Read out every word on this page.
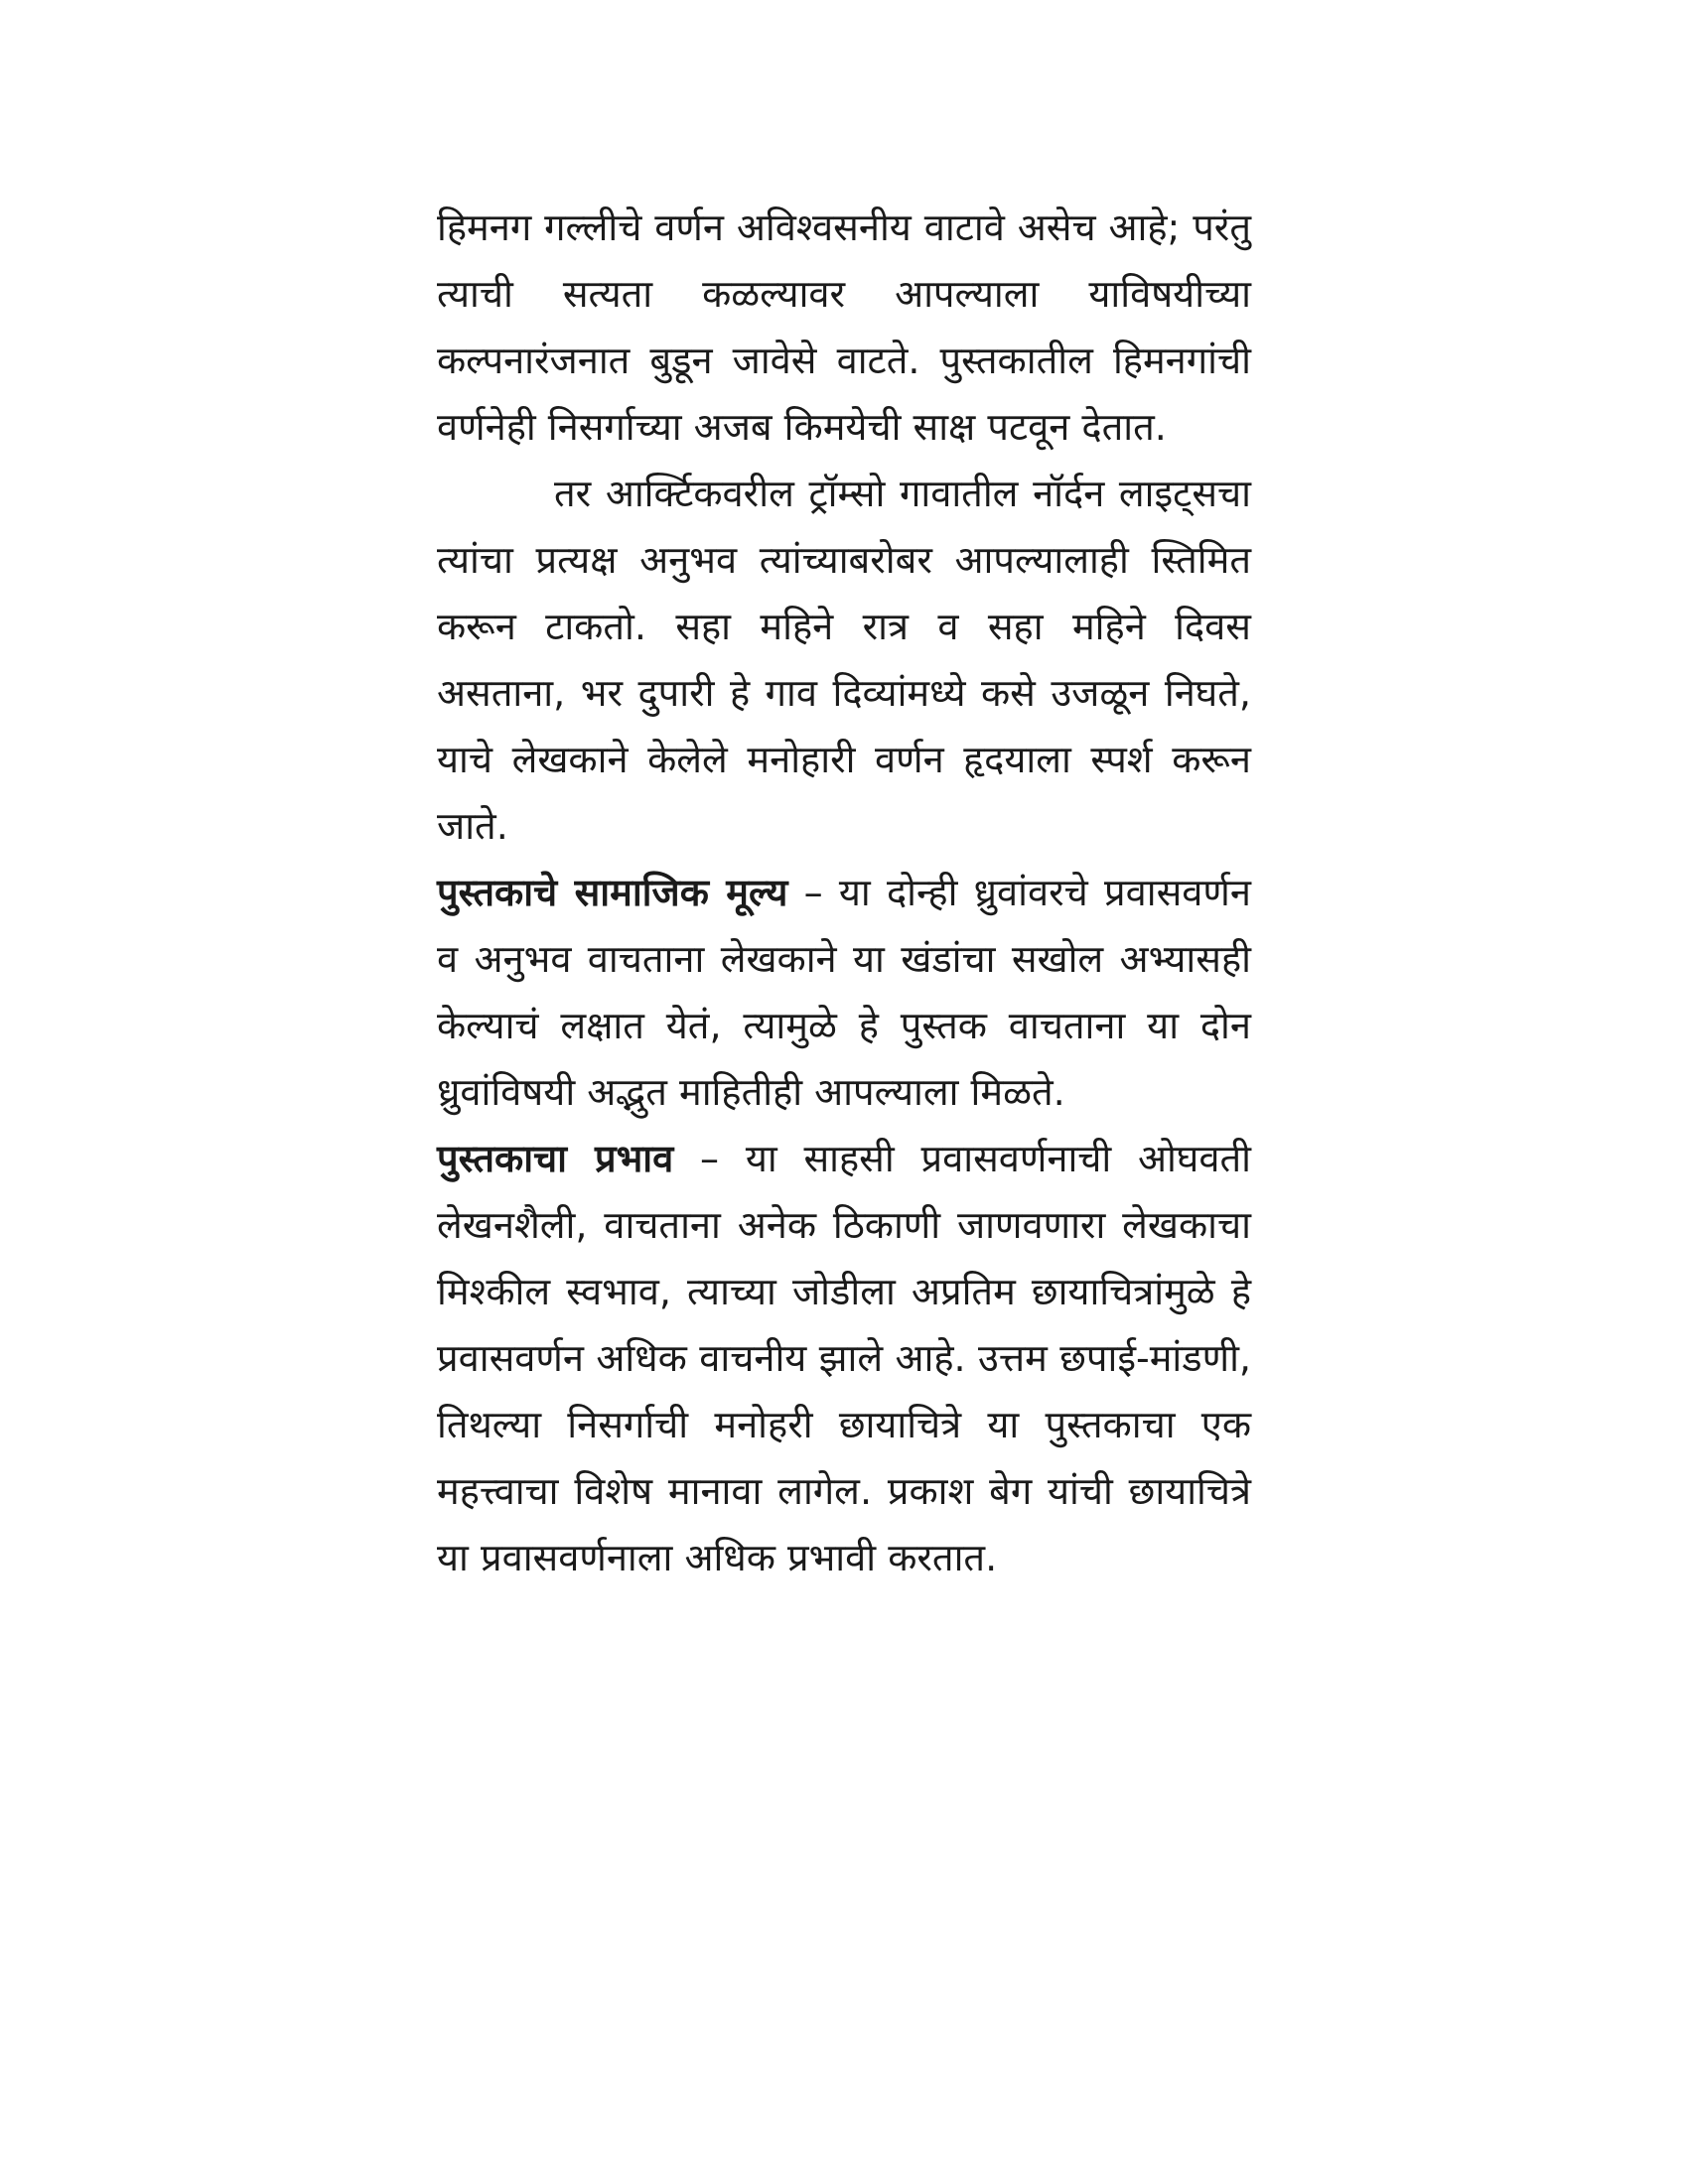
हिमनग गल्लीचे वर्णन अविश्वसनीय वाटावे असेच आहे; परंतु त्याची सत्यता कळल्यावर आपल्याला याविषयीच्या कल्पनारंजनात बुडून जावेसे वाटते. पुस्तकातील हिमनगांची वर्णनेही निसर्गाच्या अजब किमयेची साक्ष पटवून देतात.

तर आर्क्टिकवरील ट्रॉम्सो गावातील नॉर्दन लाइट्सचा त्यांचा प्रत्यक्ष अनुभव त्यांच्याबरोबर आपल्यालाही स्तिमित करून टाकतो. सहा महिने रात्र व सहा महिने दिवस असताना, भर दुपारी हे गाव दिव्यांमध्ये कसे उजळून निघते, याचे लेखकाने केलेले मनोहारी वर्णन हृदयाला स्पर्श करून जाते.

पुस्तकाचे सामाजिक मूल्य – या दोन्ही ध्रुवांवरचे प्रवासवर्णन व अनुभव वाचताना लेखकाने या खंडांचा सखोल अभ्यासही केल्याचं लक्षात येतं, त्यामुळे हे पुस्तक वाचताना या दोन ध्रुवांविषयी अद्भुत माहितीही आपल्याला मिळते.

पुस्तकाचा प्रभाव – या साहसी प्रवासवर्णनाची ओघवती लेखनशैली, वाचताना अनेक ठिकाणी जाणवणारा लेखकाचा मिश्कील स्वभाव, त्याच्या जोडीला अप्रतिम छायाचित्रांमुळे हे प्रवासवर्णन अधिक वाचनीय झाले आहे. उत्तम छपाई-मांडणी, तिथल्या निसर्गाची मनोहरी छायाचित्रे या पुस्तकाचा एक महत्त्वाचा विशेष मानावा लागेल. प्रकाश बेग यांची छायाचित्रे या प्रवासवर्णनाला अधिक प्रभावी करतात.
